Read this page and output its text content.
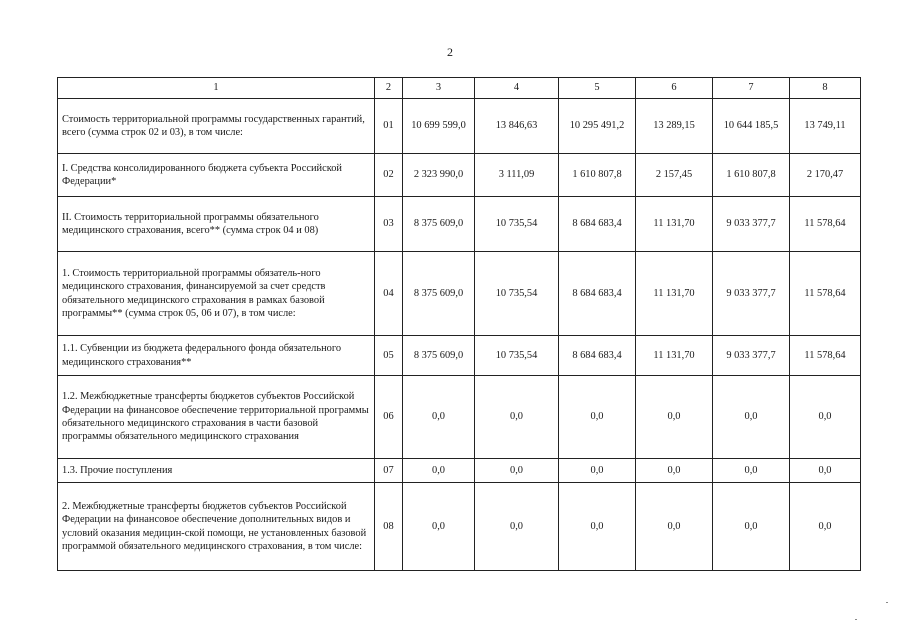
2
1	2	3	4	5	6	7	8
Стоимость территориальной программы государственных гарантий, всего (сумма строк 02 и 03), в том числе:	01	10 699 599,0	13 846,63	10 295 491,2	13 289,15	10 644 185,5	13 749,11
I. Средства консолидированного бюджета субъекта Российской Федерации*	02	2 323 990,0	3 111,09	1 610 807,8	2 157,45	1 610 807,8	2 170,47
II. Стоимость территориальной программы обязательного медицинского страхования, всего** (сумма строк 04 и 08)	03	8 375 609,0	10 735,54	8 684 683,4	11 131,70	9 033 377,7	11 578,64
1. Стоимость территориальной программы обязатель-ного медицинского страхования, финансируемой за счет средств обязательного медицинского страхования в рамках базовой программы** (сумма строк 05, 06 и 07), в том числе:	04	8 375 609,0	10 735,54	8 684 683,4	11 131,70	9 033 377,7	11 578,64
1.1. Субвенции из бюджета федерального фонда обязательного медицинского страхования**	05	8 375 609,0	10 735,54	8 684 683,4	11 131,70	9 033 377,7	11 578,64
1.2. Межбюджетные трансферты бюджетов субъектов Российской Федерации на финансовое обеспечение территориальной программы обязательного медицинского страхования в части базовой программы обязательного медицинского страхования	06	0,0	0,0	0,0	0,0	0,0	0,0
1.3. Прочие поступления	07	0,0	0,0	0,0	0,0	0,0	0,0
2. Межбюджетные трансферты бюджетов субъектов Российской Федерации на финансовое обеспечение дополнительных видов и условий оказания медицин-ской помощи, не установленных базовой программой обязательного медицинского страхования, в том числе:	08	0,0	0,0	0,0	0,0	0,0	0,0
